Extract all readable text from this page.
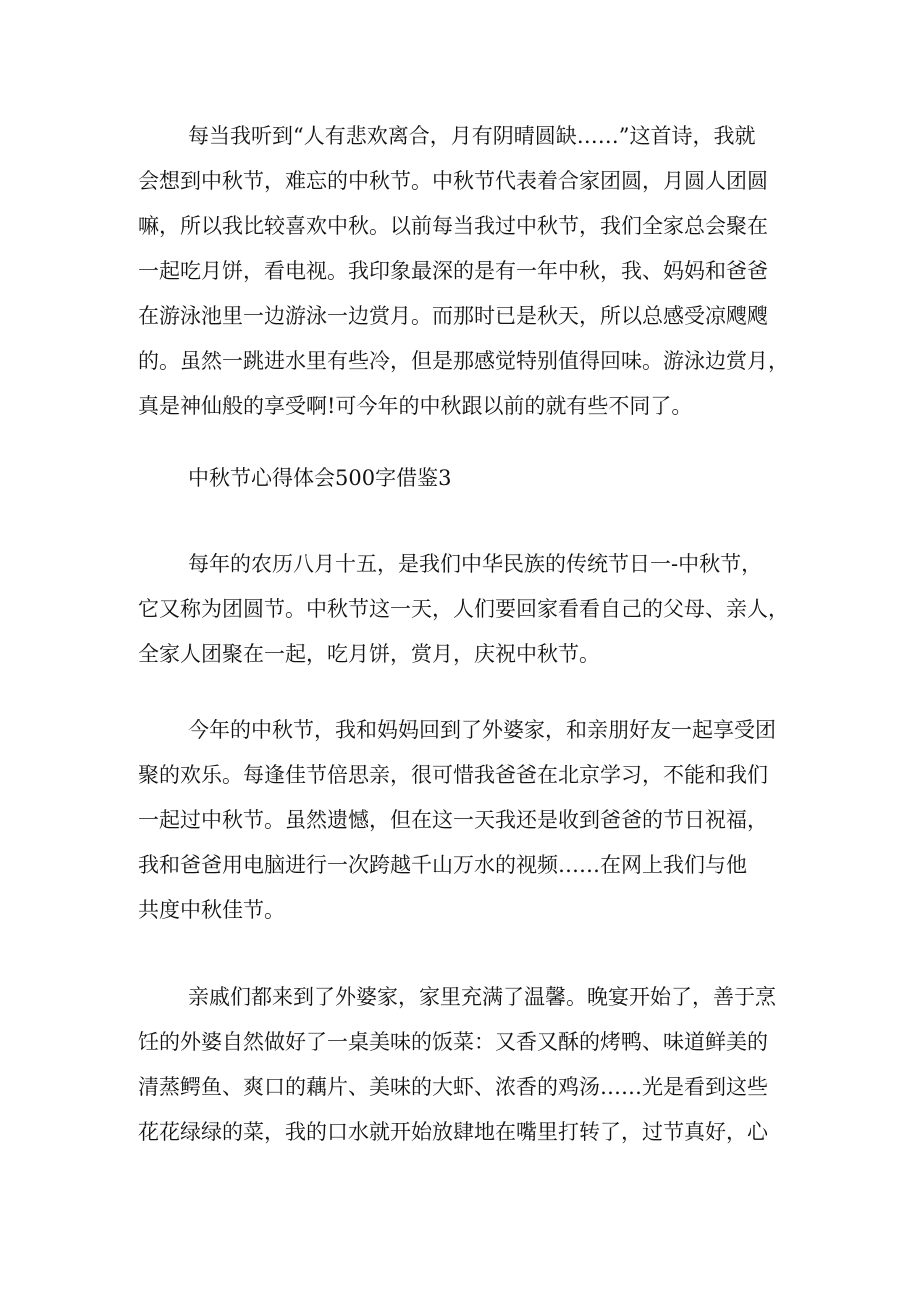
每当我听到“人有悲欢离合，月有阴晴圆缺……”这首诗，我就
会想到中秋节，难忘的中秋节。中秋节代表着合家团圆，月圆人团圆
嘛，所以我比较喜欢中秋。以前每当我过中秋节，我们全家总会聚在
一起吃月饼，看电视。我印象最深的是有一年中秋，我、妈妈和爸爸
在游泳池里一边游泳一边赏月。而那时已是秋天，所以总感受凉飕飕
的。虽然一跳进水里有些冷，但是那感觉特别值得回味。游泳边赏月，
真是神仙般的享受啊!可今年的中秋跟以前的就有些不同了。
中秋节心得体会500字借鉴3
每年的农历八月十五，是我们中华民族的传统节日一-中秋节，
它又称为团圆节。中秋节这一天，人们要回家看看自己的父母、亲人，
全家人团聚在一起，吃月饼，赏月，庆祝中秋节。
今年的中秋节，我和妈妈回到了外婆家，和亲朋好友一起享受团
聚的欢乐。每逢佳节倍思亲，很可惜我爸爸在北京学习，不能和我们
一起过中秋节。虽然遗憾，但在这一天我还是收到爸爸的节日祝福，
我和爸爸用电脑进行一次跨越千山万水的视频……在网上我们与他
共度中秋佳节。
亲戚们都来到了外婆家，家里充满了温馨。晚宴开始了，善于烹
饪的外婆自然做好了一桌美味的饭菜：又香又酥的烤鸭、味道鲜美的
清蒸鳄鱼、爽口的藕片、美味的大虾、浓香的鸡汤……光是看到这些
花花绿绿的菜，我的口水就开始放肆地在嘴里打转了，过节真好，心
